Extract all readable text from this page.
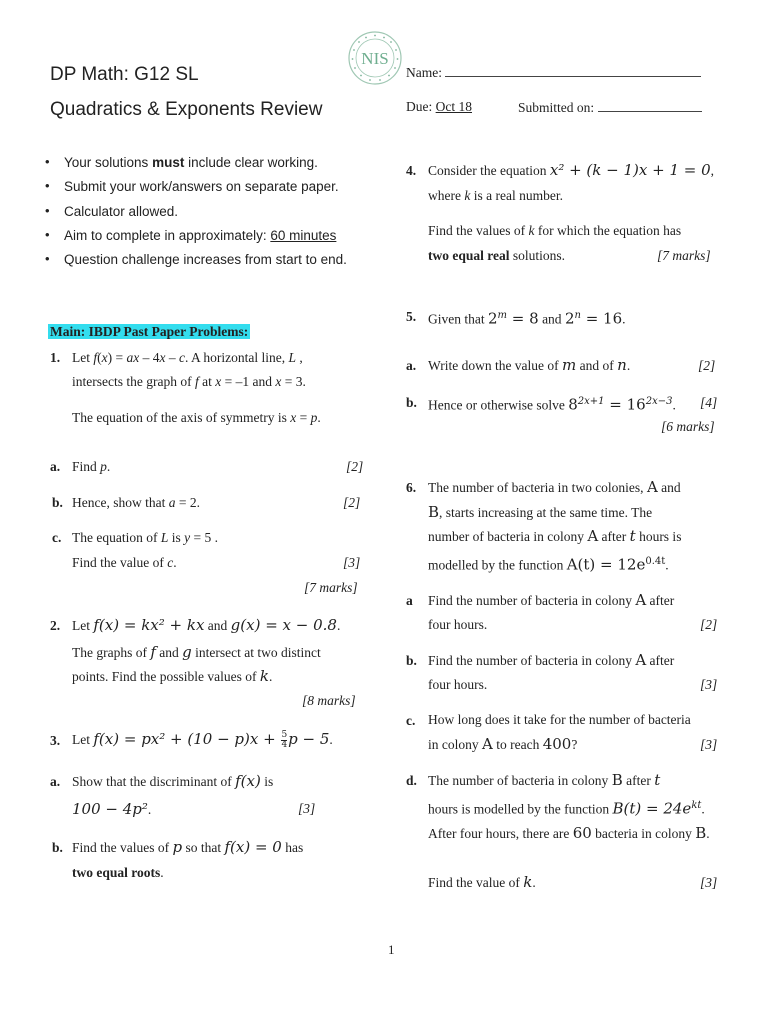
DP Math: G12 SL
Quadratics & Exponents Review
NIS
Name:
Due: Oct 18	Submitted on:
• Your solutions must include clear working.
• Submit your work/answers on separate paper.
• Calculator allowed.
• Aim to complete in approximately: 60 minutes
• Question challenge increases from start to end.
Main: IBDP Past Paper Problems:
1. Let f(x) = ax – 4x – c. A horizontal line, L ,
intersects the graph of f at x = –1 and x = 3.
The equation of the axis of symmetry is x = p.
a. Find p.	[2]
b. Hence, show that a = 2.	[2]
c. The equation of L is y = 5 .
Find the value of c.	[3]
[7 marks]
2. Let f(x) = kx² + kx and g(x) = x − 0.8.
The graphs of f and g intersect at two distinct
points. Find the possible values of k.
[8 marks]
3. Let $f(x) = px^2 + (10 - p)x + \frac{5}{4}$ p − 5.
a. Show that the discriminant of f(x) is
100 − 4p².	[3]
b. Find the values of p so that f(x) = 0 has
two equal roots.
4. Consider the equation x² + (k − 1)x + 1 = 0,
where k is a real number.
Find the values of k for which the equation has
two equal real solutions.	[7 marks]
5. Given that $2^m = 8$ and $2^n = 16$.
a. Write down the value of m and of n.	[2]
b. Hence or otherwise solve $8^{2x+1} = 16^{2x-3}$. [4]
[6 marks]
6. The number of bacteria in two colonies, A and
B, starts increasing at the same time. The
number of bacteria in colony A after t hours is
modelled by the function $A(t) = 12e^{0.4t}$.
a Find the number of bacteria in colony A after
four hours.	[2]
b. Find the number of bacteria in colony A after
four hours.	[3]
c. How long does it take for the number of bacteria
in colony A to reach 400?	[3]
d. The number of bacteria in colony B after t
hours is modelled by the function $B(t) = 24e^{kt}$.
After four hours, there are 60 bacteria in colony B.
Find the value of k.	[3]
1
